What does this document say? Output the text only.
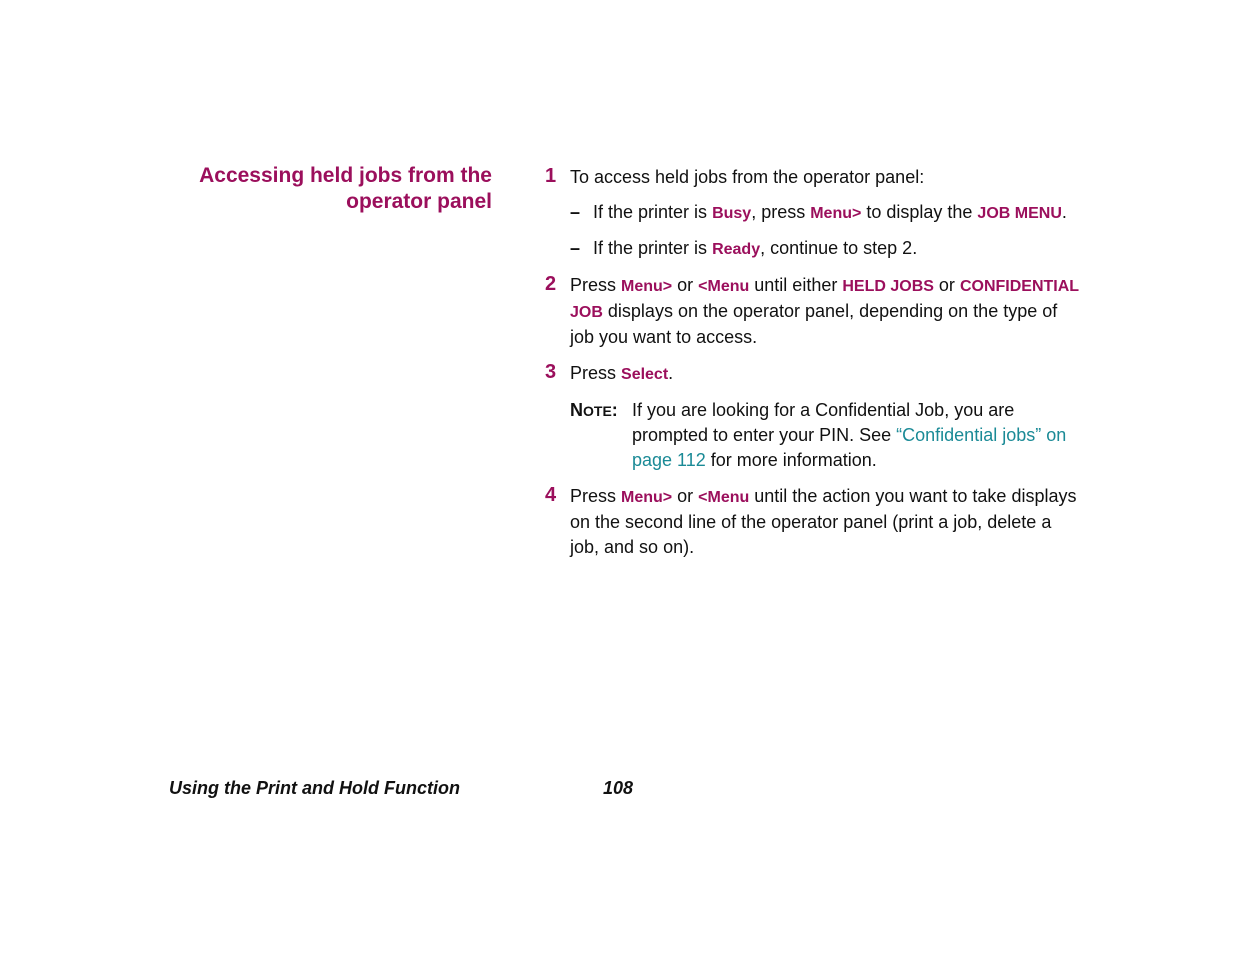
Accessing held jobs from the
operator panel
1 To access held jobs from the operator panel:
– If the printer is Busy, press Menu> to display the JOB MENU.
– If the printer is Ready, continue to step 2.
2 Press Menu> or <Menu until either HELD JOBS or CONFIDENTIAL JOB displays on the operator panel, depending on the type of job you want to access.
3 Press Select.
NOTE: If you are looking for a Confidential Job, you are prompted to enter your PIN. See “Confidential jobs” on page 112 for more information.
4 Press Menu> or <Menu until the action you want to take displays on the second line of the operator panel (print a job, delete a job, and so on).
Using the Print and Hold Function	108
